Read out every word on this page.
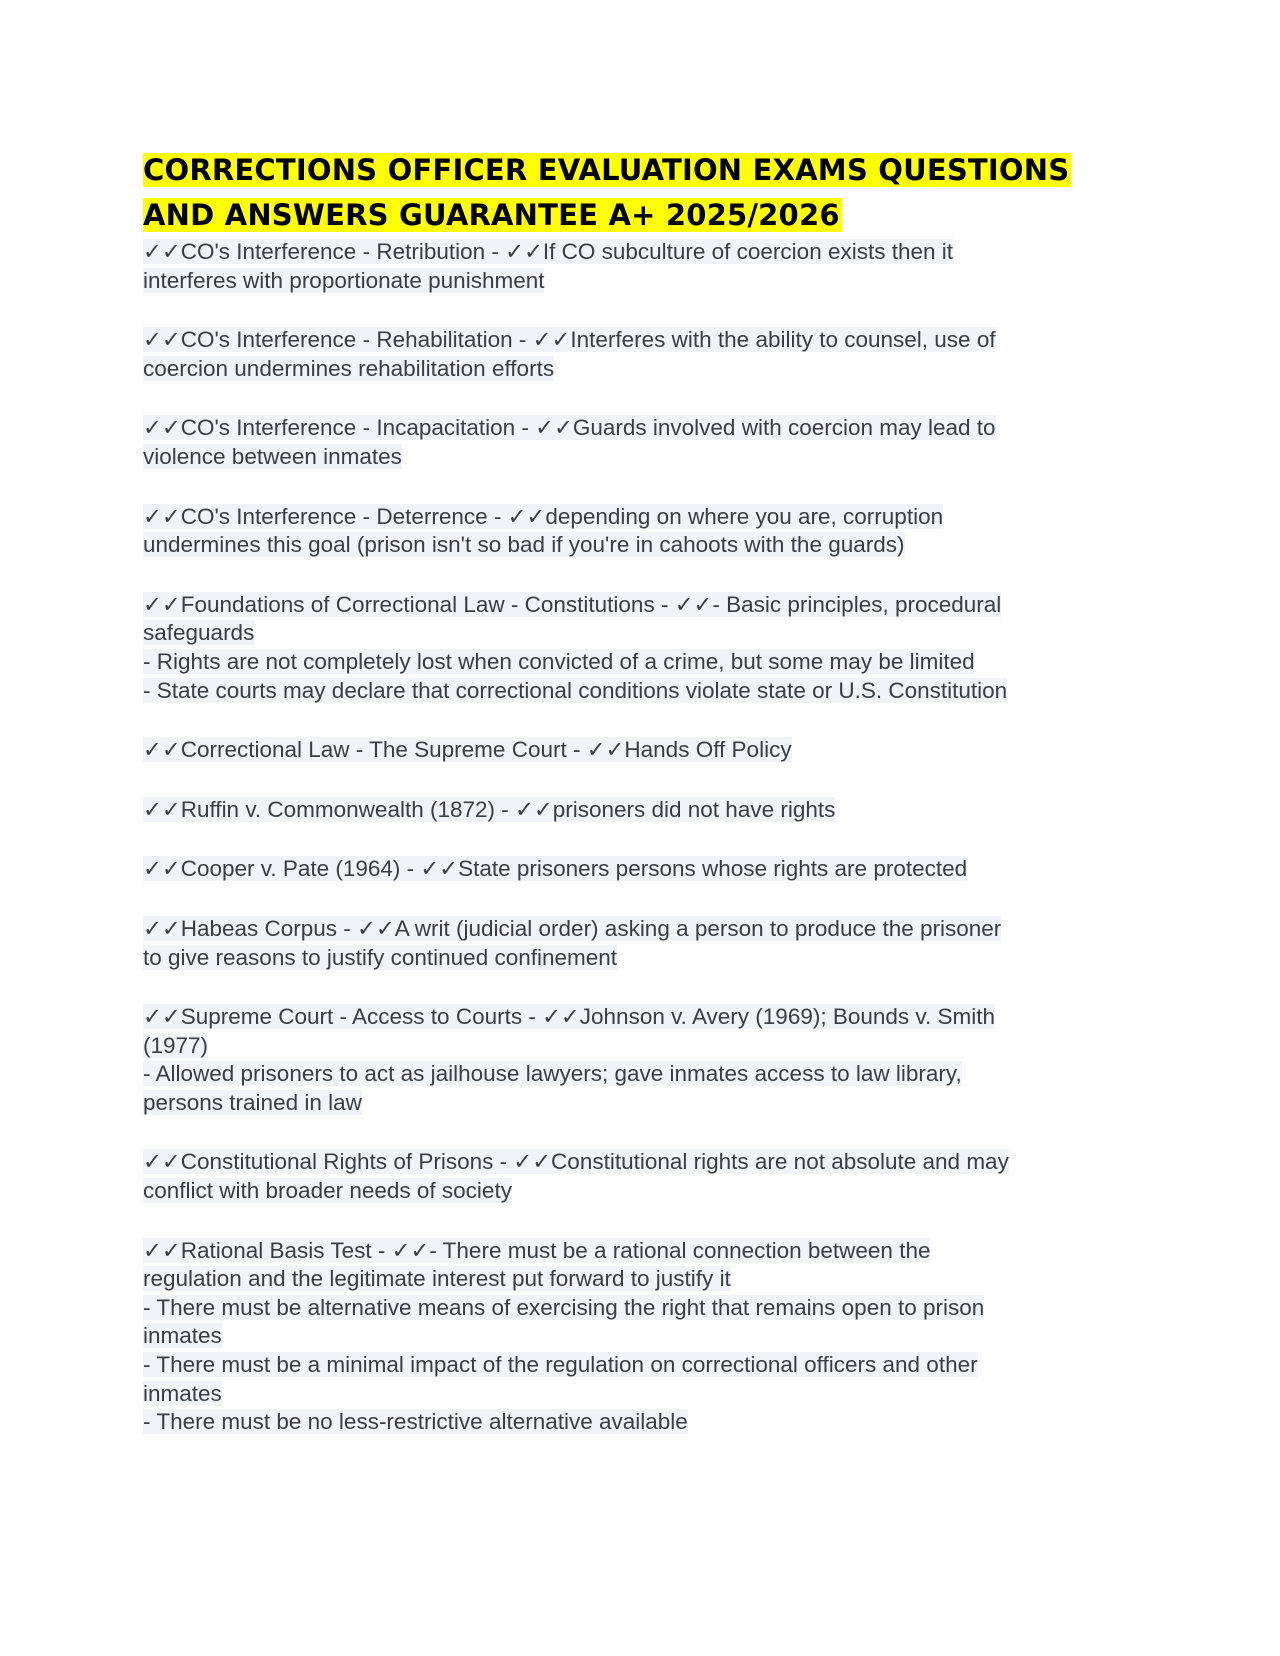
CORRECTIONS OFFICER EVALUATION EXAMS QUESTIONS
AND ANSWERS GUARANTEE A+ 2025/2026
✓✓CO's Interference - Retribution - ✓✓If CO subculture of coercion exists then it
interferes with proportionate punishment
✓✓CO's Interference - Rehabilitation - ✓✓Interferes with the ability to counsel, use of
coercion undermines rehabilitation efforts
✓✓CO's Interference - Incapacitation - ✓✓Guards involved with coercion may lead to
violence between inmates
✓✓CO's Interference - Deterrence - ✓✓depending on where you are, corruption
undermines this goal (prison isn't so bad if you're in cahoots with the guards)
✓✓Foundations of Correctional Law - Constitutions - ✓✓- Basic principles, procedural
safeguards
- Rights are not completely lost when convicted of a crime, but some may be limited
- State courts may declare that correctional conditions violate state or U.S. Constitution
✓✓Correctional Law - The Supreme Court - ✓✓Hands Off Policy
✓✓Ruffin v. Commonwealth (1872) - ✓✓prisoners did not have rights
✓✓Cooper v. Pate (1964) - ✓✓State prisoners persons whose rights are protected
✓✓Habeas Corpus - ✓✓A writ (judicial order) asking a person to produce the prisoner
to give reasons to justify continued confinement
✓✓Supreme Court - Access to Courts - ✓✓Johnson v. Avery (1969); Bounds v. Smith
(1977)
- Allowed prisoners to act as jailhouse lawyers; gave inmates access to law library,
persons trained in law
✓✓Constitutional Rights of Prisons - ✓✓Constitutional rights are not absolute and may
conflict with broader needs of society
✓✓Rational Basis Test - ✓✓- There must be a rational connection between the
regulation and the legitimate interest put forward to justify it
- There must be alternative means of exercising the right that remains open to prison
inmates
- There must be a minimal impact of the regulation on correctional officers and other
inmates
- There must be no less-restrictive alternative available
